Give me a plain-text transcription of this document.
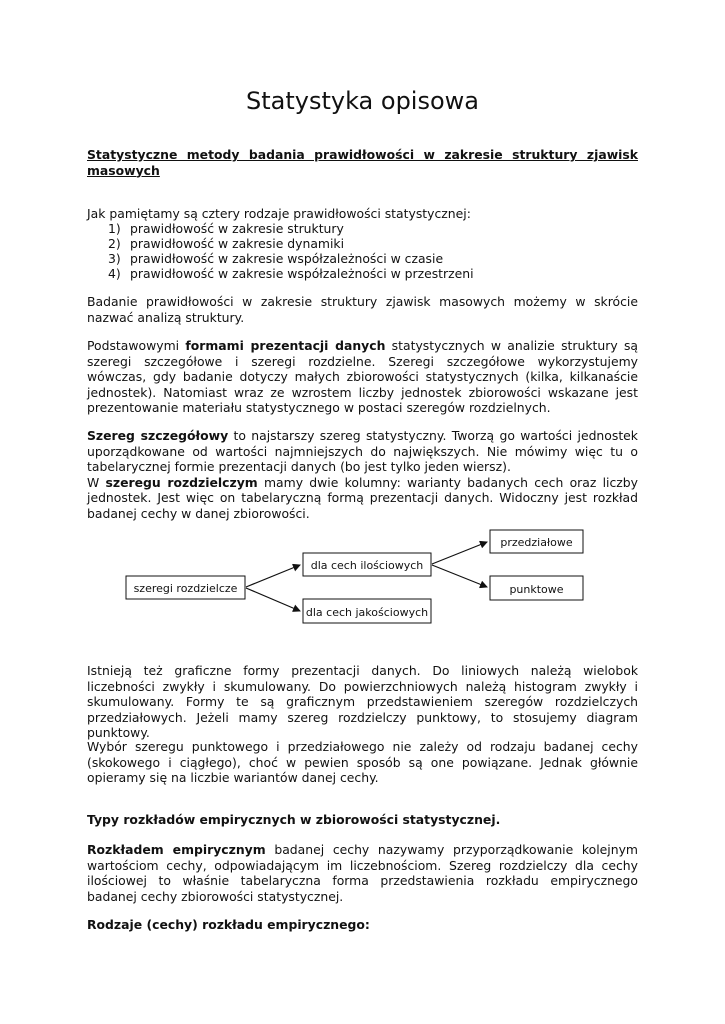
Statystyka opisowa

Statystyczne metody badania prawidłowości w zakresie struktury zjawisk masowych

Jak pamiętamy są cztery rodzaje prawidłowości statystycznej:

1) prawidłowość w zakresie struktury
2) prawidłowość w zakresie dynamiki
3) prawidłowość w zakresie współzależności w czasie
4) prawidłowość w zakresie współzależności w przestrzeni

Badanie prawidłowości w zakresie struktury zjawisk masowych możemy w skrócie nazwać analizą struktury.

Podstawowymi formami prezentacji danych statystycznych w analizie struktury są szeregi szczegółowe i szeregi rozdzielne. Szeregi szczegółowe wykorzystujemy wówczas, gdy badanie dotyczy małych zbiorowości statystycznych (kilka, kilkanaście jednostek). Natomiast wraz ze wzrostem liczby jednostek zbiorowości wskazane jest prezentowanie materiału statystycznego w postaci szeregów rozdzielnych.

Szereg szczegółowy to najstarszy szereg statystyczny. Tworzą go wartości jednostek uporządkowane od wartości najmniejszych do największych. Nie mówimy więc tu o tabelarycznej formie prezentacji danych (bo jest tylko jeden wiersz).
W szeregu rozdzielczym mamy dwie kolumny: warianty badanych cech oraz liczby jednostek. Jest więc on tabelaryczną formą prezentacji danych. Widoczny jest rozkład badanej cechy w danej zbiorowości.

szeregi rozdzielcze
dla cech ilościowych
dla cech jakościowych
przedziałowe
punktowe

Istnieją też graficzne formy prezentacji danych. Do liniowych należą wielobok liczebności zwykły i skumulowany. Do powierzchniowych należą histogram zwykły i skumulowany. Formy te są graficznym przedstawieniem szeregów rozdzielczych przedziałowych. Jeżeli mamy szereg rozdzielczy punktowy, to stosujemy diagram punktowy.

Wybór szeregu punktowego i przedziałowego nie zależy od rodzaju badanej cechy (skokowego i ciągłego), choć w pewien sposób są one powiązane. Jednak głównie opieramy się na liczbie wariantów danej cechy.

Typy rozkładów empirycznych w zbiorowości statystycznej.

Rozkładem empirycznym badanej cechy nazywamy przyporządkowanie kolejnym wartościom cechy, odpowiadającym im liczebnościom. Szereg rozdzielczy dla cechy ilościowej to właśnie tabelaryczna forma przedstawienia rozkładu empirycznego badanej cechy zbiorowości statystycznej.

Rodzaje (cechy) rozkładu empirycznego:
